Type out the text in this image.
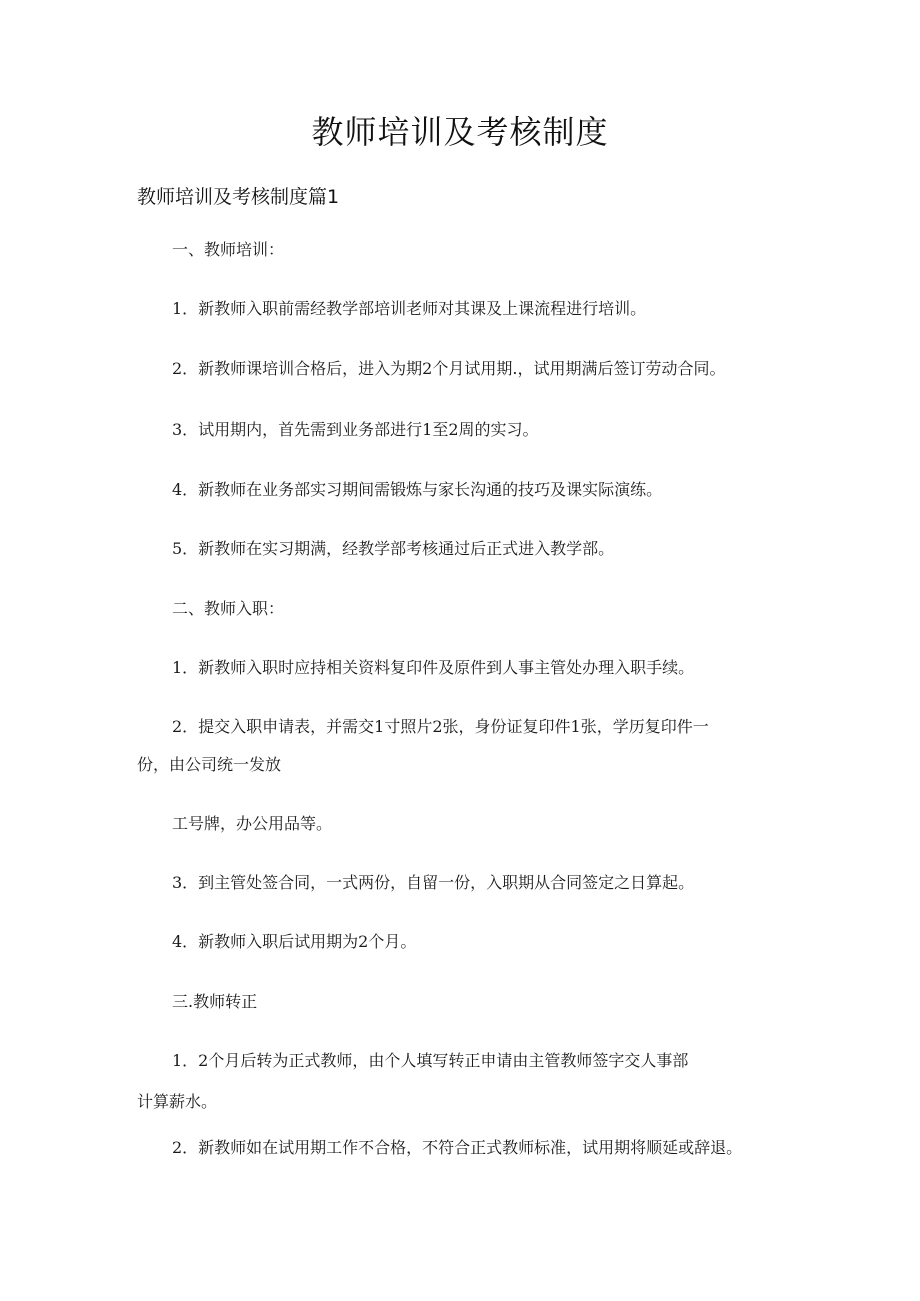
教师培训及考核制度
教师培训及考核制度篇1
一、教师培训：
1．新教师入职前需经教学部培训老师对其课及上课流程进行培训。
2．新教师课培训合格后，进入为期2个月试用期.，试用期满后签订劳动合同。
3．试用期内，首先需到业务部进行1至2周的实习。
4．新教师在业务部实习期间需锻炼与家长沟通的技巧及课实际演练。
5．新教师在实习期满，经教学部考核通过后正式进入教学部。
二、教师入职：
1．新教师入职时应持相关资料复印件及原件到人事主管处办理入职手续。
2．提交入职申请表，并需交1寸照片2张，身份证复印件1张，学历复印件一
份，由公司统一发放
工号牌，办公用品等。
3．到主管处签合同，一式两份，自留一份，入职期从合同签定之日算起。
4．新教师入职后试用期为2个月。
三.教师转正
1．2个月后转为正式教师，由个人填写转正申请由主管教师签字交人事部
计算薪水。
2．新教师如在试用期工作不合格，不符合正式教师标准，试用期将顺延或辞退。
